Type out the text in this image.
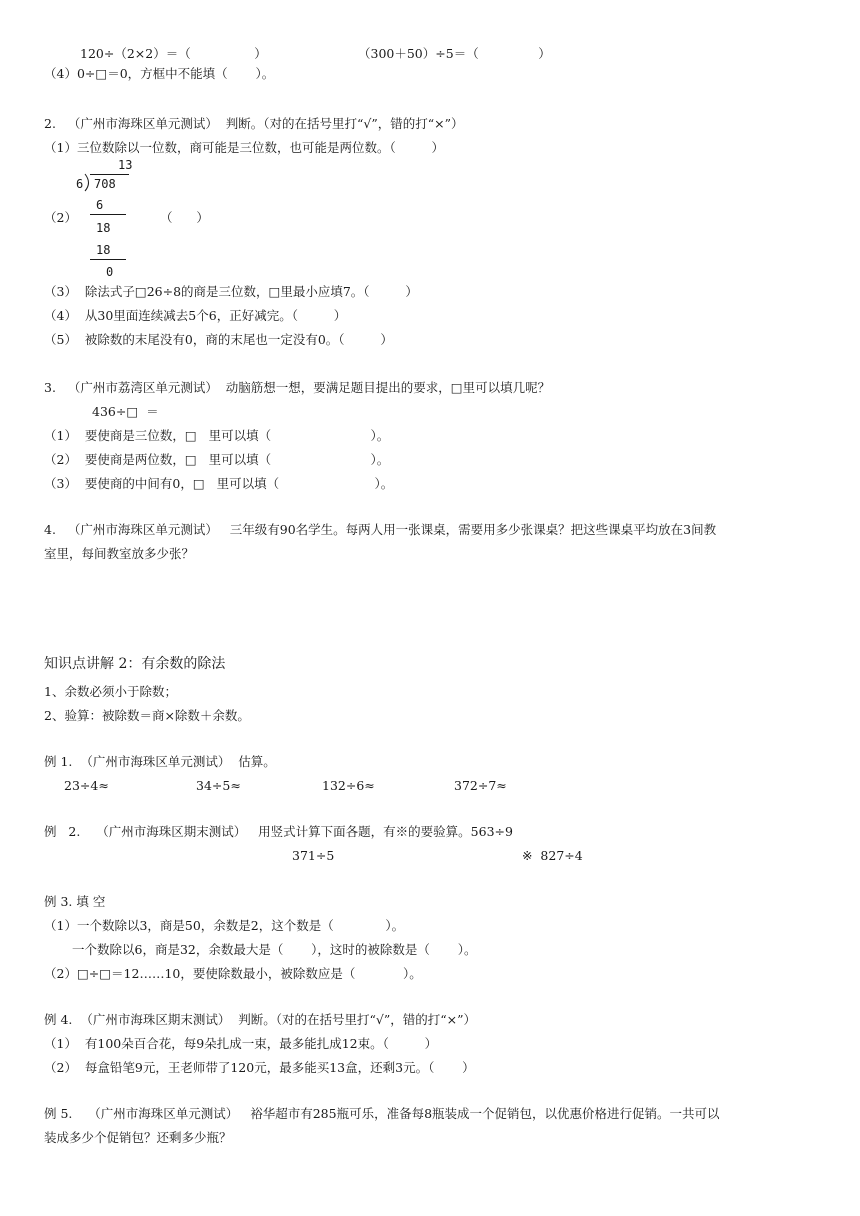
120÷（2×2）＝（                ）	（300＋50）÷5＝（               ）
（4）0÷□＝0，方框中不能填（       ）。
2.   （广州市海珠区单元测试）  判断。（对的在括号里打“√”，错的打“×”）
（1）三位数除以一位数，商可能是三位数，也可能是两位数。（         ）
（2）
13
6 708
6
18
18
0
（      ）
（3）  除法式子□26÷8的商是三位数，□里最小应填7。（         ）
（4）  从30里面连续减去5个6，正好减完。（         ）
（5）  被除数的末尾没有0，商的末尾也一定没有0。（         ）
3.   （广州市荔湾区单元测试）  动脑筋想一想，要满足题目提出的要求，□里可以填几呢？
436÷□  ＝
（1）  要使商是三位数，□   里可以填（                         ）。
（2）  要使商是两位数，□   里可以填（                         ）。
（3）  要使商的中间有0，□   里可以填（                        ）。
4.   （广州市海珠区单元测试）   三年级有90名学生。每两人用一张课桌，需要用多少张课桌？把这些课桌平均放在3间教
室里，每间教室放多少张？
知识点讲解 2：有余数的除法
1、余数必须小于除数；
2、验算：被除数＝商×除数＋余数。
例 1.  （广州市海珠区单元测试）  估算。
23÷4≈	34÷5≈	132÷6≈	372÷7≈
例   2.    （广州市海珠区期末测试）   用竖式计算下面各题，有※的要验算。563÷9
371÷5	※  827÷4
例 3. 填 空
（1）一个数除以3，商是50，余数是2，这个数是（             ）。
一个数除以6，商是32，余数最大是（       ），这时的被除数是（       ）。
（2）□÷□＝12……10，要使除数最小，被除数应是（            ）。
例 4.  （广州市海珠区期末测试）  判断。（对的在括号里打“√”，错的打“×”）
（1）  有100朵百合花，每9朵扎成一束，最多能扎成12束。（         ）
（2）  每盒铅笔9元，王老师带了120元，最多能买13盒，还剩3元。（       ）
例 5.    （广州市海珠区单元测试）   裕华超市有285瓶可乐，准备每8瓶装成一个促销包，以优惠价格进行促销。一共可以
装成多少个促销包？还剩多少瓶？
